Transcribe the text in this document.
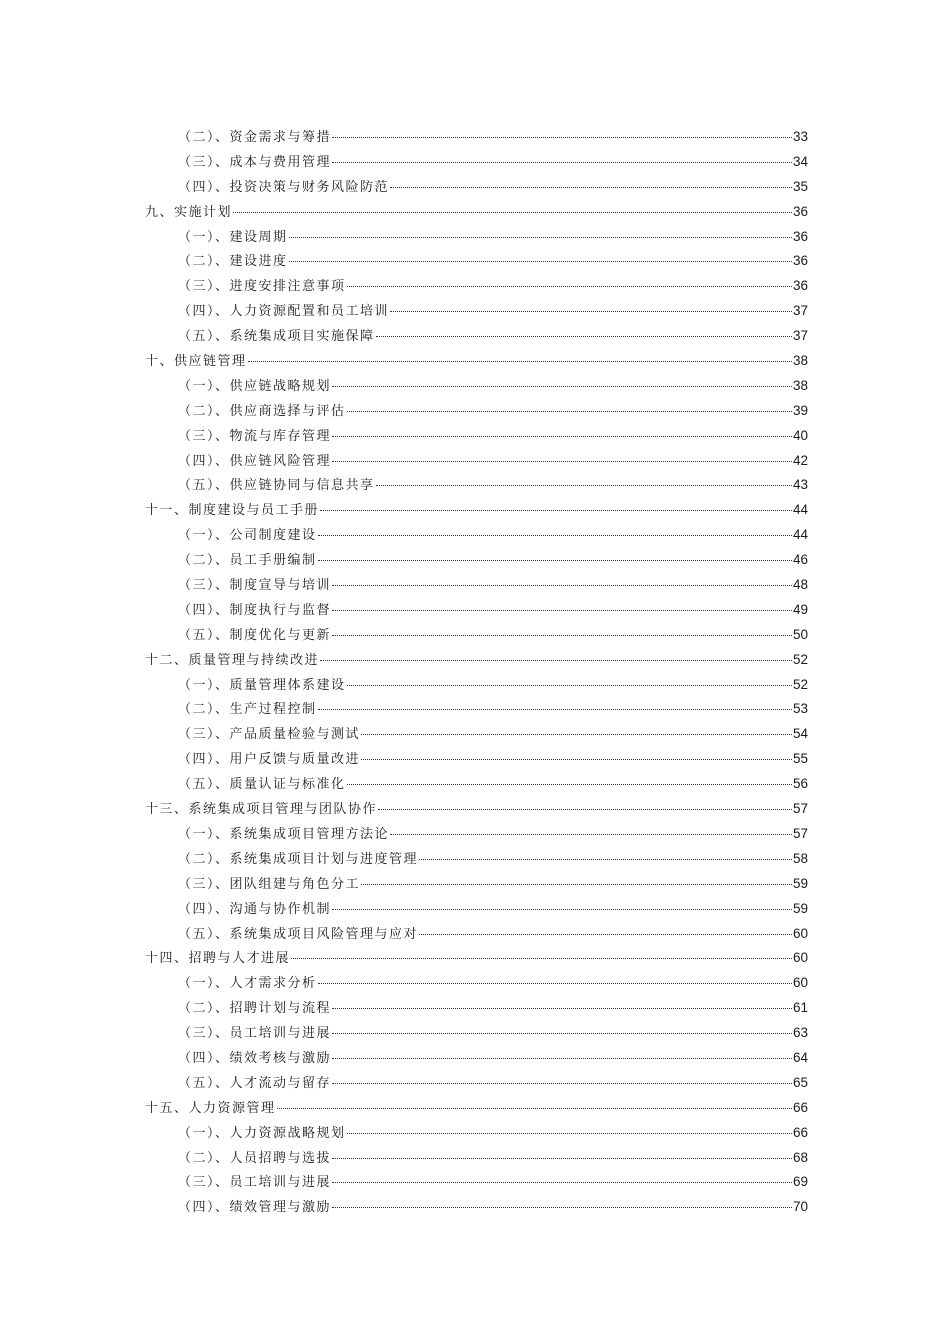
（二）、资金需求与筹措	33
（三）、成本与费用管理	34
（四）、投资决策与财务风险防范	35
九、实施计划	36
（一）、建设周期	36
（二）、建设进度	36
（三）、进度安排注意事项	36
（四）、人力资源配置和员工培训	37
（五）、系统集成项目实施保障	37
十、供应链管理	38
（一）、供应链战略规划	38
（二）、供应商选择与评估	39
（三）、物流与库存管理	40
（四）、供应链风险管理	42
（五）、供应链协同与信息共享	43
十一、制度建设与员工手册	44
（一）、公司制度建设	44
（二）、员工手册编制	46
（三）、制度宣导与培训	48
（四）、制度执行与监督	49
（五）、制度优化与更新	50
十二、质量管理与持续改进	52
（一）、质量管理体系建设	52
（二）、生产过程控制	53
（三）、产品质量检验与测试	54
（四）、用户反馈与质量改进	55
（五）、质量认证与标准化	56
十三、系统集成项目管理与团队协作	57
（一）、系统集成项目管理方法论	57
（二）、系统集成项目计划与进度管理	58
（三）、团队组建与角色分工	59
（四）、沟通与协作机制	59
（五）、系统集成项目风险管理与应对	60
十四、招聘与人才进展	60
（一）、人才需求分析	60
（二）、招聘计划与流程	61
（三）、员工培训与进展	63
（四）、绩效考核与激励	64
（五）、人才流动与留存	65
十五、人力资源管理	66
（一）、人力资源战略规划	66
（二）、人员招聘与选拔	68
（三）、员工培训与进展	69
（四）、绩效管理与激励	70
